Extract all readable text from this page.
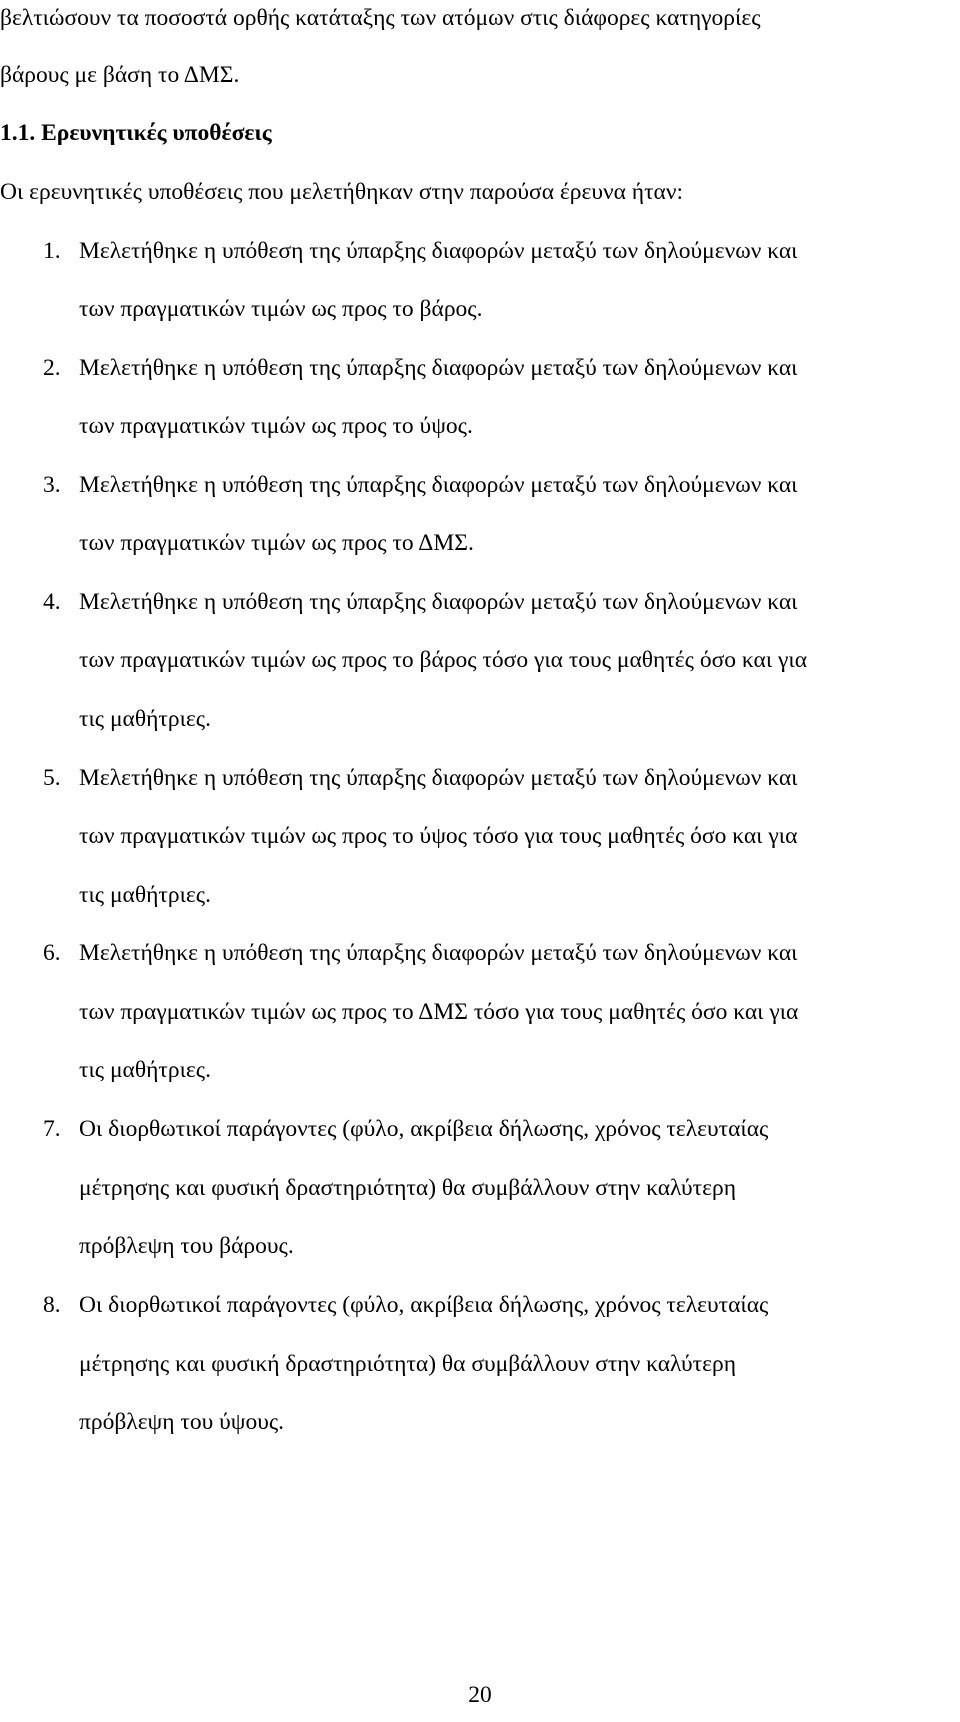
βελτιώσουν τα ποσοστά ορθής κατάταξης των ατόμων στις διάφορες κατηγορίες

βάρους με βάση το ΔΜΣ.

1.1. Ερευνητικές υποθέσεις

Οι ερευνητικές υποθέσεις που μελετήθηκαν στην παρούσα έρευνα ήταν:

1. Μελετήθηκε η υπόθεση της ύπαρξης διαφορών μεταξύ των δηλούμενων και

των πραγματικών τιμών ως προς το βάρος.

2. Μελετήθηκε η υπόθεση της ύπαρξης διαφορών μεταξύ των δηλούμενων και

των πραγματικών τιμών ως προς το ύψος.

3. Μελετήθηκε η υπόθεση της ύπαρξης διαφορών μεταξύ των δηλούμενων και

των πραγματικών τιμών ως προς το ΔΜΣ.

4. Μελετήθηκε η υπόθεση της ύπαρξης διαφορών μεταξύ των δηλούμενων και

των πραγματικών τιμών ως προς το βάρος τόσο για τους μαθητές όσο και για

τις μαθήτριες.

5. Μελετήθηκε η υπόθεση της ύπαρξης διαφορών μεταξύ των δηλούμενων και

των πραγματικών τιμών ως προς το ύψος τόσο για τους μαθητές όσο και για

τις μαθήτριες.

6. Μελετήθηκε η υπόθεση της ύπαρξης διαφορών μεταξύ των δηλούμενων και

των πραγματικών τιμών ως προς το ΔΜΣ τόσο για τους μαθητές όσο και για

τις μαθήτριες.

7. Οι διορθωτικοί παράγοντες (φύλο, ακρίβεια δήλωσης, χρόνος τελευταίας

μέτρησης και φυσική δραστηριότητα) θα συμβάλλουν στην καλύτερη

πρόβλεψη του βάρους.

8. Οι διορθωτικοί παράγοντες (φύλο, ακρίβεια δήλωσης, χρόνος τελευταίας

μέτρησης και φυσική δραστηριότητα) θα συμβάλλουν στην καλύτερη

πρόβλεψη του ύψους.

20
